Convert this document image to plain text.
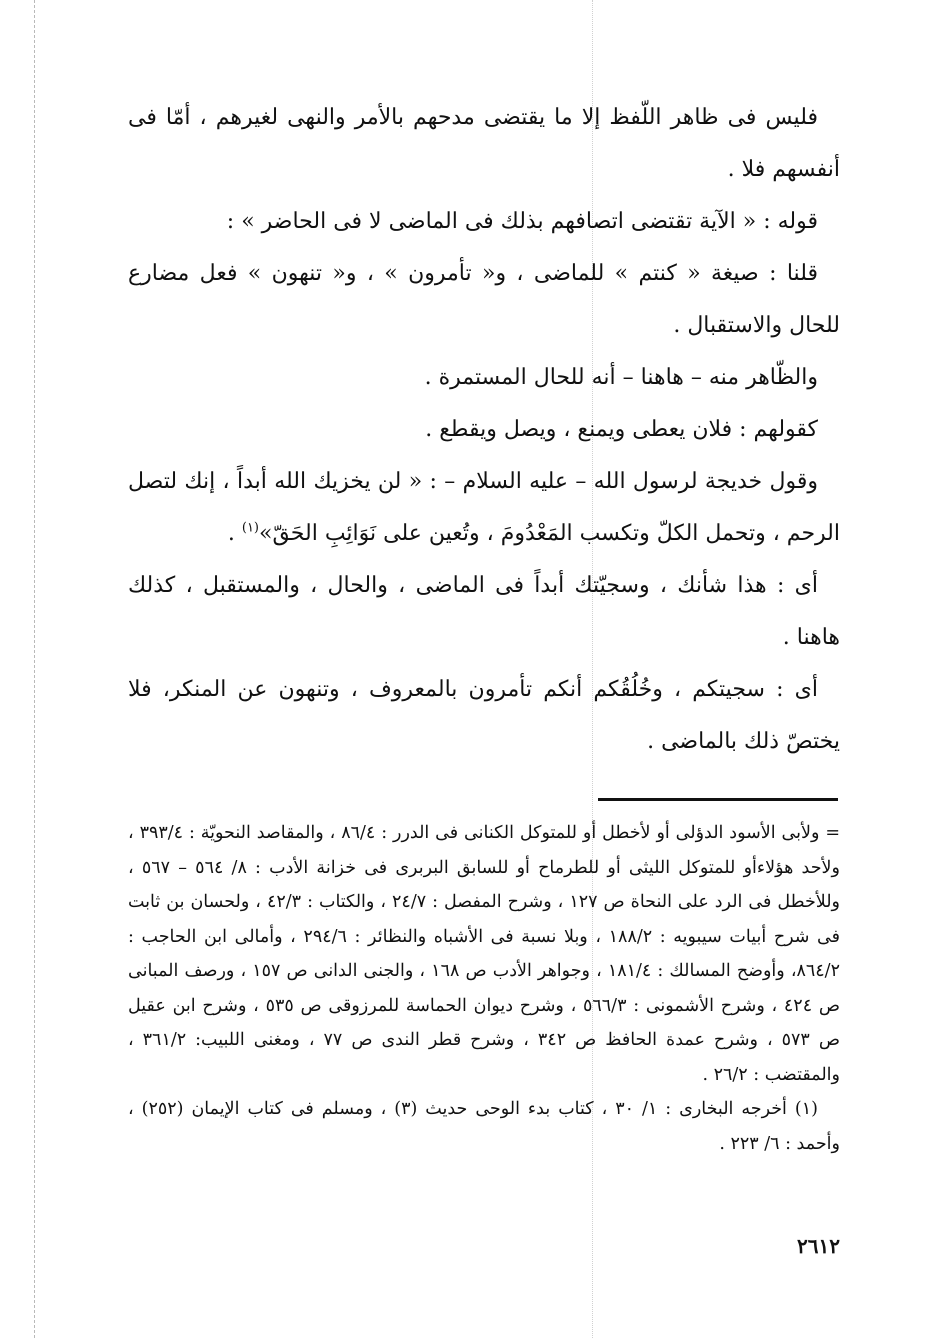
فليس فى ظاهر اللّفظ إلا ما يقتضى مدحهم بالأمر والنهى لغيرهم ، أمّا فى أنفسهم فلا .

قوله : « الآية تقتضى اتصافهم بذلك فى الماضى لا فى الحاضر » :

قلنا : صيغة « كنتم » للماضى ، و« تأمرون » ، و« تنهون » فعل مضارع للحال والاستقبال .

والظّاهر منه – هاهنا – أنه للحال المستمرة .

كقولهم : فلان يعطى ويمنع ، ويصل ويقطع .

وقول خديجة لرسول الله – عليه السلام – : « لن يخزيك الله أبداً ، إنك لتصل الرحم ، وتحمل الكلّ وتكسب المَعْدُومَ ، وتُعين على نَوَائِبِ الحَقّ»$^{(١)}$ .

أى : هذا شأنك ، وسجيّتك أبداً فى الماضى ، والحال ، والمستقبل ، كذلك هاهنا .

أى : سجيتكم ، وخُلُقُكم أنكم تأمرون بالمعروف ، وتنهون عن المنكر، فلا يختصّ ذلك بالماضى .

= ولأبى الأسود الدؤلى أو لأخطل أو للمتوكل الكنانى فى الدرر : ٨٦/٤ ، والمقاصد النحويّة : ٣٩٣/٤ ، ولأحد هؤلاءأو للمتوكل الليثى أو للطرماح أو للسابق البربرى فى خزانة الأدب : ٨/ ٥٦٤ – ٥٦٧ ، وللأخطل فى الرد على النحاة ص ١٢٧ ، وشرح المفصل : ٢٤/٧ ، والكتاب : ٤٢/٣ ، ولحسان بن ثابت فى شرح أبيات سيبويه : ١٨٨/٢ ، وبلا نسبة فى الأشباه والنظائر : ٢٩٤/٦ ، وأمالى ابن الحاجب : ٨٦٤/٢، وأوضح المسالك : ١٨١/٤ ، وجواهر الأدب ص ١٦٨ ، والجنى الدانى ص ١٥٧ ، ورصف المبانى ص ٤٢٤ ، وشرح الأشمونى : ٥٦٦/٣ ، وشرح ديوان الحماسة للمرزوقى ص ٥٣٥ ، وشرح ابن عقيل ص ٥٧٣ ، وشرح عمدة الحافظ ص ٣٤٢ ، وشرح قطر الندى ص ٧٧ ، ومغنى اللبيب: ٣٦١/٢ ، والمقتضب : ٢٦/٢ .

(١) أخرجه البخارى : ١/ ٣٠ ، كتاب بدء الوحى حديث (٣) ، ومسلم فى كتاب الإيمان (٢٥٢) ، وأحمد : ٦/ ٢٢٣ .

٢٦١٢
